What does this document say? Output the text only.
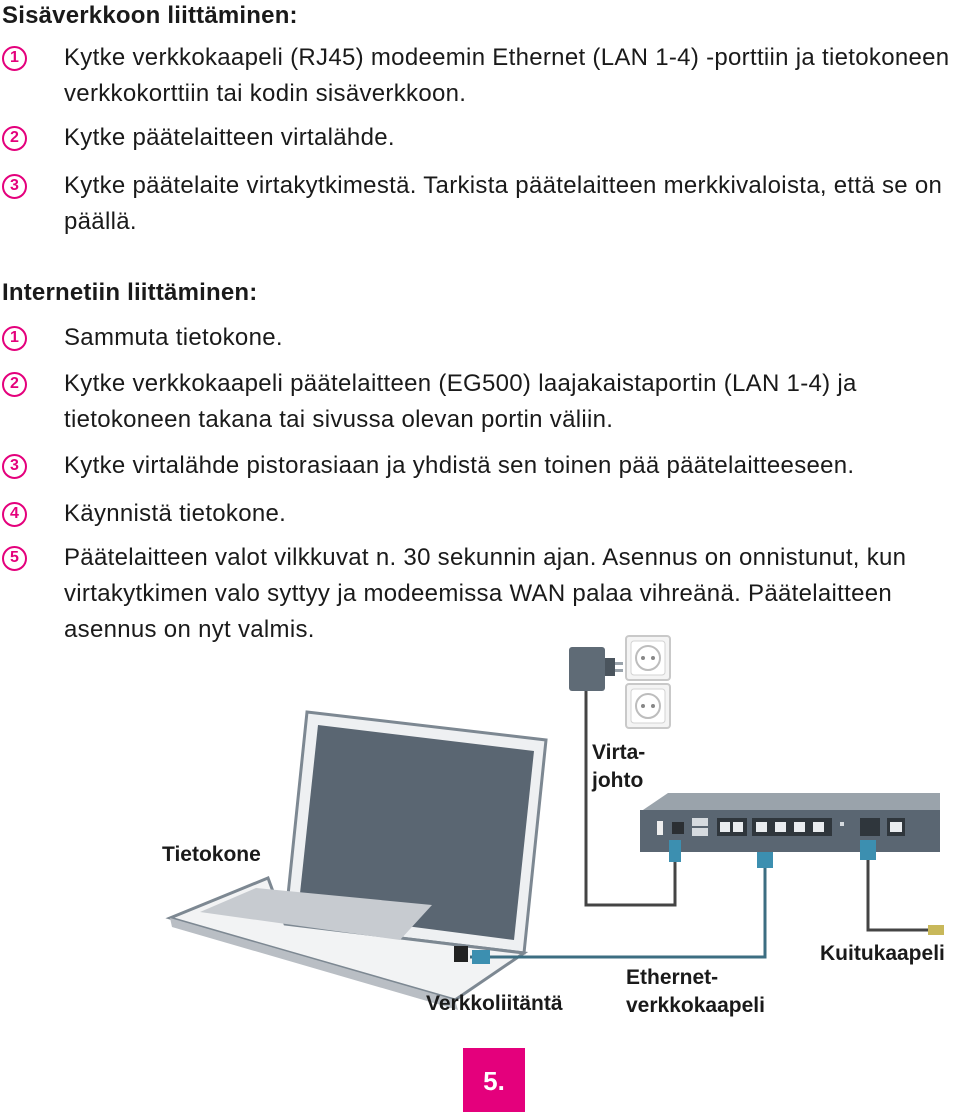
Sisäverkkoon liittäminen:
1	Kytke verkkokaapeli (RJ45) modeemin Ethernet (LAN 1-4) -porttiin ja tietokoneen verkkokorttiin tai kodin sisäverkkoon.
2	Kytke päätelaitteen virtalähde.
3	Kytke päätelaite virtakytkimestä. Tarkista päätelaitteen merkkivaloista, että se on päällä.
Internetiin liittäminen:
1	Sammuta tietokone.
2	Kytke verkkokaapeli päätelaitteen (EG500) laajakaistaportin (LAN 1-4) ja tietokoneen takana tai sivussa olevan portin väliin.
3	Kytke virtalähde pistorasiaan ja yhdistä sen toinen pää päätelaitteeseen.
4	Käynnistä tietokone.
5	Päätelaitteen valot vilkkuvat n. 30 sekunnin ajan. Asennus on onnistunut, kun virtakytkimen valo syttyy ja modeemissa WAN palaa vihreänä. Päätelaitteen asennus on nyt valmis.
Virta-
johto
Tietokone
Verkkoliitäntä
Ethernet-
verkkokaapeli
Kuitukaapeli
5.
